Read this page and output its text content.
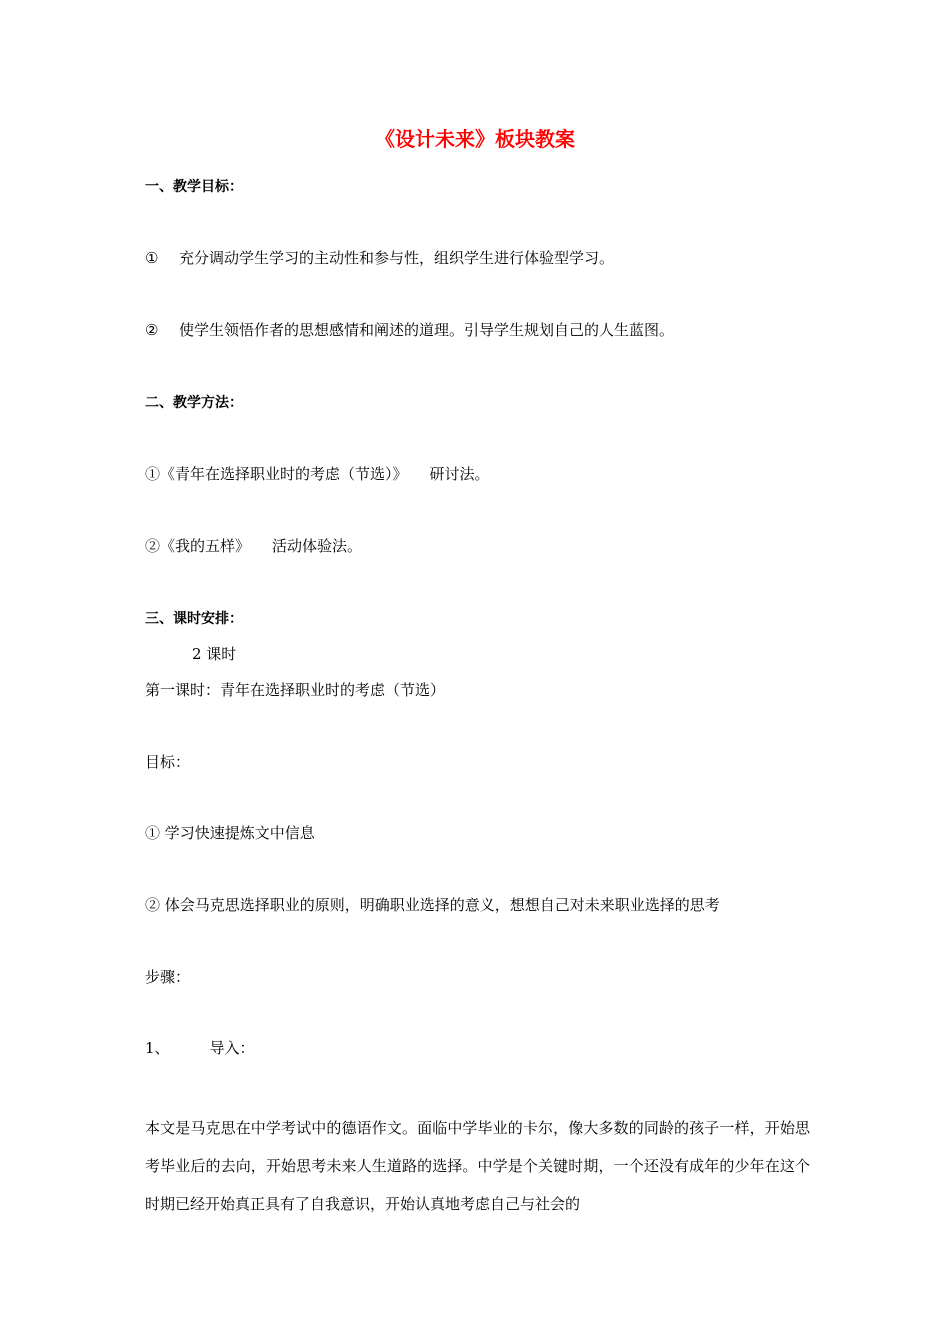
《设计未来》板块教案
一、教学目标：
① 充分调动学生学习的主动性和参与性，组织学生进行体验型学习。
② 使学生领悟作者的思想感情和阐述的道理。引导学生规划自己的人生蓝图。
二、教学方法：
①《青年在选择职业时的考虑（节选）》 研讨法。
②《我的五样》 活动体验法。
三、课时安排：
2 课时
第一课时：青年在选择职业时的考虑（节选）
目标：
① 学习快速提炼文中信息
② 体会马克思选择职业的原则，明确职业选择的意义，想想自己对未来职业选择的思考
步骤：
1、	导入：
本文是马克思在中学考试中的德语作文。面临中学毕业的卡尔，像大多数的同龄的孩子一样，开始思考毕业后的去向，开始思考未来人生道路的选择。中学是个关键时期，一个还没有成年的少年在这个时期已经开始真正具有了自我意识，开始认真地考虑自己与社会的
